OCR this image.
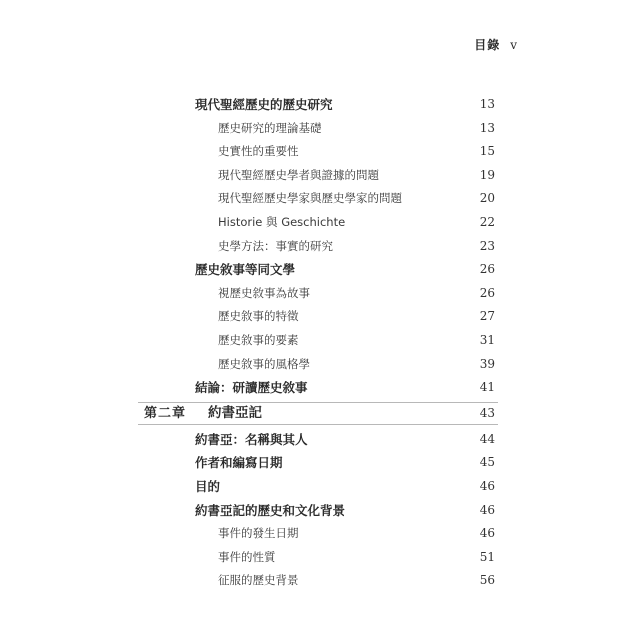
目錄 v
現代聖經歷史的歷史研究	13
歷史研究的理論基礎	13
史實性的重要性	15
現代聖經歷史學者與證據的問題	19
現代聖經歷史學家與歷史學家的問題	20
Historie 與 Geschichte	22
史學方法：事實的研究	23
歷史敘事等同文學	26
視歷史敘事為故事	26
歷史敘事的特徵	27
歷史敘事的要素	31
歷史敘事的風格學	39
結論：研讀歷史敘事	41
第二章 約書亞記	43
約書亞：名稱與其人	44
作者和編寫日期	45
目的	46
約書亞記的歷史和文化背景	46
事件的發生日期	46
事件的性質	51
征服的歷史背景	56
